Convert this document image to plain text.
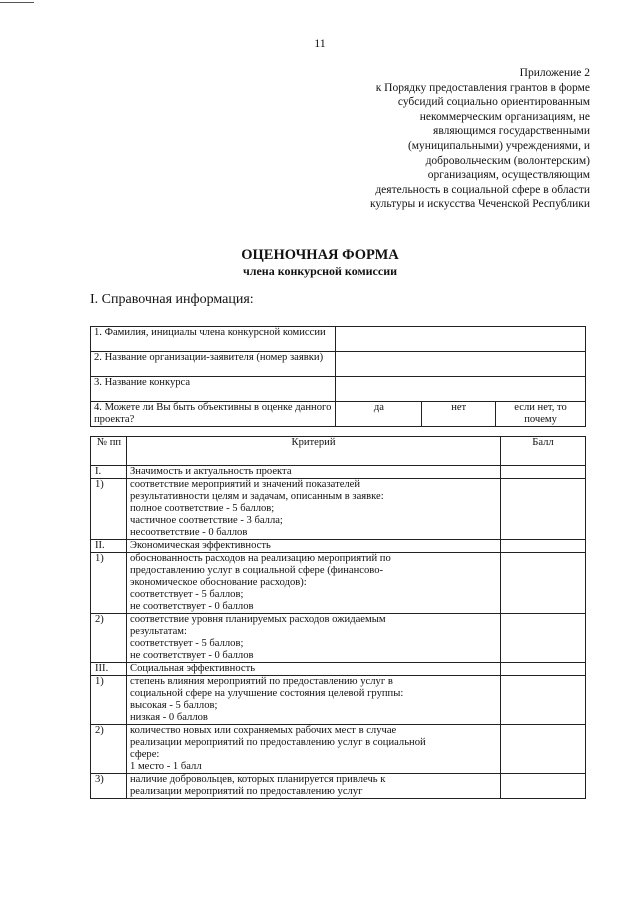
11
Приложение 2
к Порядку предоставления грантов в форме
субсидий социально ориентированным
некоммерческим организациям, не
являющимся государственными
(муниципальными) учреждениями, и
добровольческим (волонтерским)
организациям, осуществляющим
деятельность в социальной сфере в области
культуры и искусства Чеченской Республики
ОЦЕНОЧНАЯ ФОРМА
члена конкурсной комиссии
I. Справочная информация:
1. Фамилия, инициалы члена конкурсной комиссии			
2. Название организации-заявителя (номер заявки)			
3. Название конкурса			
4. Можете ли Вы быть объективны в оценке данного проекта?	да	нет	если нет, то почему
№ пп	Критерий	Балл
I.	Значимость и актуальность проекта	

1)	соответствие мероприятий и значений показателей
результативности целям и задачам, описанным в заявке:
полное соответствие - 5 баллов;
частичное соответствие - 3 балла;
несоответствие - 0 баллов	

II.	Экономическая эффективность	

1)	обоснованность расходов на реализацию мероприятий по
предоставлению услуг в социальной сфере (финансово-
экономическое обоснование расходов):
соответствует - 5 баллов;
не соответствует - 0 баллов	

2)	соответствие уровня планируемых расходов ожидаемым
результатам:
соответствует - 5 баллов;
не соответствует - 0 баллов	

III.	Социальная эффективность	

1)	степень влияния мероприятий по предоставлению услуг в
социальной сфере на улучшение состояния целевой группы:
высокая - 5 баллов;
низкая - 0 баллов	

2)	количество новых или сохраняемых рабочих мест в случае
реализации мероприятий по предоставлению услуг в социальной
сфере:
1 место - 1 балл	

3)	наличие добровольцев, которых планируется привлечь к
реализации мероприятий по предоставлению услуг	
